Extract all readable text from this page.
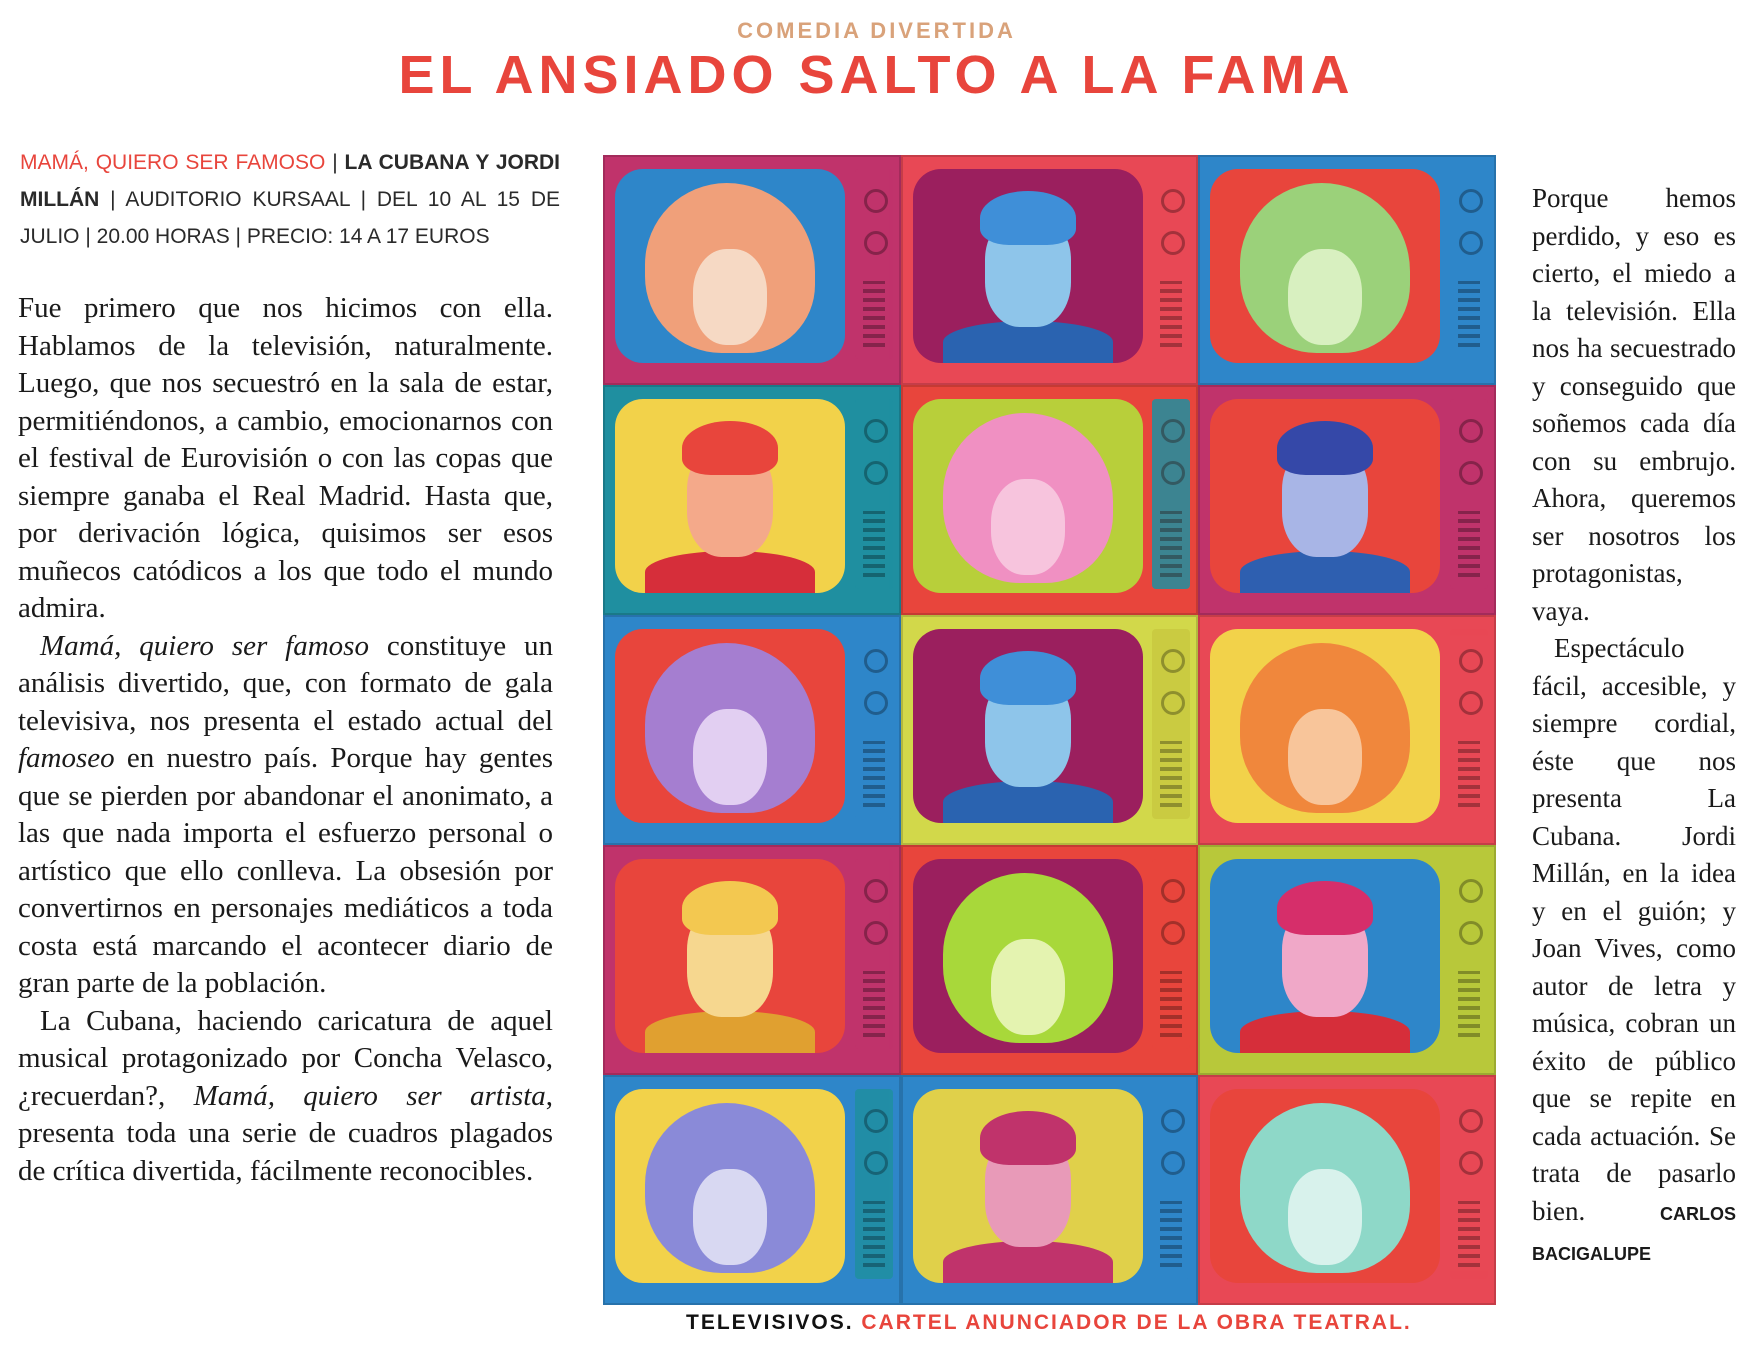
COMEDIA DIVERTIDA
EL ANSIADO SALTO A LA FAMA
MAMÁ, QUIERO SER FAMOSO | LA CUBANA Y JORDI MILLÁN | AUDITORIO KURSAAL | DEL 10 AL 15 DE JULIO | 20.00 HORAS | PRECIO: 14 A 17 EUROS

Fue primero que nos hicimos con ella. Hablamos de la televisión, naturalmente. Luego, que nos secuestró en la sala de estar, permitiéndonos, a cambio, emocionarnos con el festival de Eurovisión o con las copas que siempre ganaba el Real Madrid. Hasta que, por derivación lógica, quisimos ser esos muñecos catódicos a los que todo el mundo admira.

Mamá, quiero ser famoso constituye un análisis divertido, que, con formato de gala televisiva, nos presenta el estado actual del famoseo en nuestro país. Porque hay gentes que se pierden por abandonar el anonimato, a las que nada importa el esfuerzo personal o artístico que ello conlleva. La obsesión por convertirnos en personajes mediáticos a toda costa está marcando el acontecer diario de gran parte de la población.

La Cubana, haciendo caricatura de aquel musical protagonizado por Concha Velasco, ¿recuerdan?, Mamá, quiero ser artista, presenta toda una serie de cuadros plagados de crítica divertida, fácilmente reconocibles.

Porque hemos perdido, y eso es cierto, el miedo a la televisión. Ella nos ha secuestrado y conseguido que soñemos cada día con su embrujo. Ahora, queremos ser nosotros los protagonistas, vaya.

Espectáculo fácil, accesible, y siempre cordial, éste que nos presenta La Cubana. Jordi Millán, en la idea y en el guión; y Joan Vives, como autor de letra y música, cobran un éxito de público que se repite en cada actuación. Se trata de pasarlo bien.	CARLOS BACIGALUPE

TELEVISIVOS. CARTEL ANUNCIADOR DE LA OBRA TEATRAL.
